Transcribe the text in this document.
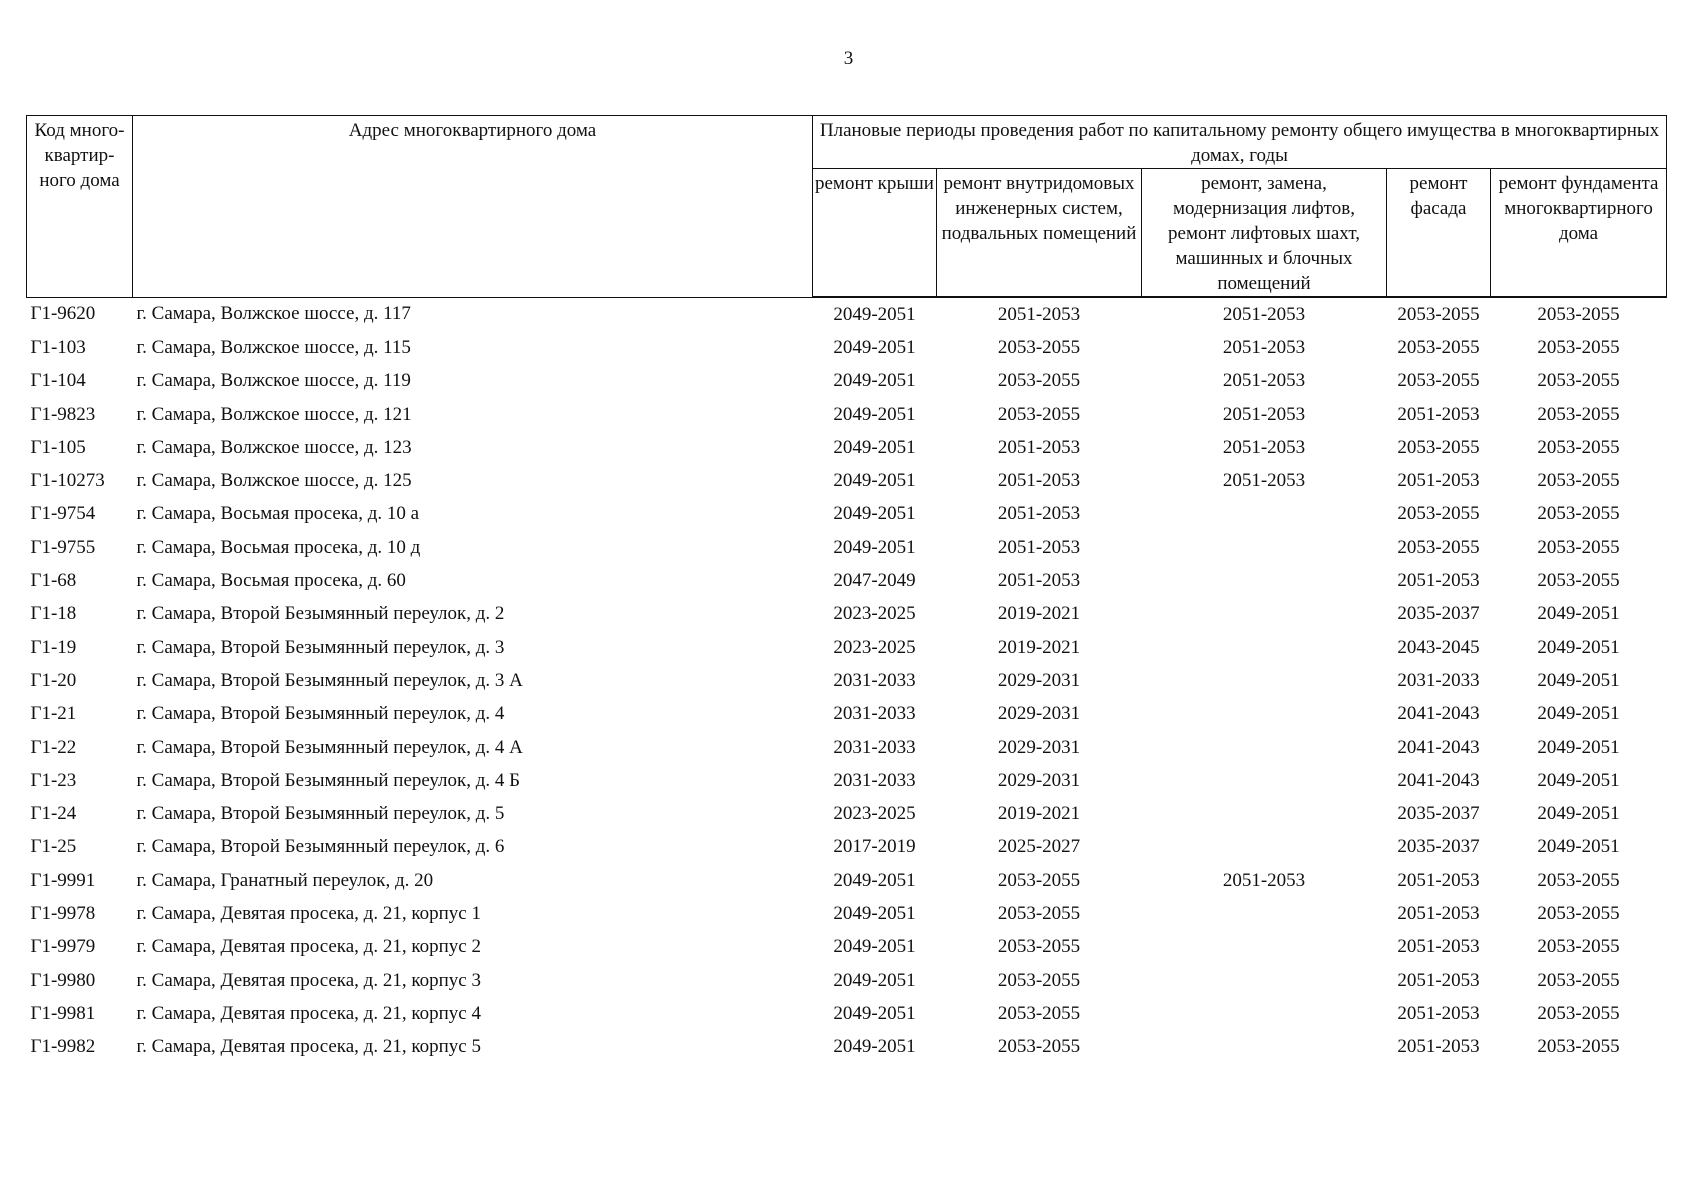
3
Код много-квартир-ного дома	Адрес многоквартирного дома	Плановые периоды проведения работ по капитальному ремонту общего имущества в многоквартирных домах, годы				
		ремонт крыши	ремонт внутридомовых инженерных систем, подвальных помещений	ремонт, замена, модернизация лифтов, ремонт лифтовых шахт, машинных и блочных помещений	ремонт фасада	ремонт фундамента многоквартирного дома
Г1-9620	г. Самара, Волжское шоссе, д. 117	2049-2051	2051-2053	2051-2053	2053-2055	2053-2055
Г1-103	г. Самара, Волжское шоссе, д. 115	2049-2051	2053-2055	2051-2053	2053-2055	2053-2055
Г1-104	г. Самара, Волжское шоссе, д. 119	2049-2051	2053-2055	2051-2053	2053-2055	2053-2055
Г1-9823	г. Самара, Волжское шоссе, д. 121	2049-2051	2053-2055	2051-2053	2051-2053	2053-2055
Г1-105	г. Самара, Волжское шоссе, д. 123	2049-2051	2051-2053	2051-2053	2053-2055	2053-2055
Г1-10273	г. Самара, Волжское шоссе, д. 125	2049-2051	2051-2053	2051-2053	2051-2053	2053-2055
Г1-9754	г. Самара, Восьмая просека, д. 10 а	2049-2051	2051-2053		2053-2055	2053-2055
Г1-9755	г. Самара, Восьмая просека, д. 10 д	2049-2051	2051-2053		2053-2055	2053-2055
Г1-68	г. Самара, Восьмая просека, д. 60	2047-2049	2051-2053		2051-2053	2053-2055
Г1-18	г. Самара, Второй Безымянный переулок, д. 2	2023-2025	2019-2021		2035-2037	2049-2051
Г1-19	г. Самара, Второй Безымянный переулок, д. 3	2023-2025	2019-2021		2043-2045	2049-2051
Г1-20	г. Самара, Второй Безымянный переулок, д. 3 А	2031-2033	2029-2031		2031-2033	2049-2051
Г1-21	г. Самара, Второй Безымянный переулок, д. 4	2031-2033	2029-2031		2041-2043	2049-2051
Г1-22	г. Самара, Второй Безымянный переулок, д. 4 А	2031-2033	2029-2031		2041-2043	2049-2051
Г1-23	г. Самара, Второй Безымянный переулок, д. 4 Б	2031-2033	2029-2031		2041-2043	2049-2051
Г1-24	г. Самара, Второй Безымянный переулок, д. 5	2023-2025	2019-2021		2035-2037	2049-2051
Г1-25	г. Самара, Второй Безымянный переулок, д. 6	2017-2019	2025-2027		2035-2037	2049-2051
Г1-9991	г. Самара, Гранатный переулок, д. 20	2049-2051	2053-2055	2051-2053	2051-2053	2053-2055
Г1-9978	г. Самара, Девятая просека, д. 21, корпус 1	2049-2051	2053-2055		2051-2053	2053-2055
Г1-9979	г. Самара, Девятая просека, д. 21, корпус 2	2049-2051	2053-2055		2051-2053	2053-2055
Г1-9980	г. Самара, Девятая просека, д. 21, корпус 3	2049-2051	2053-2055		2051-2053	2053-2055
Г1-9981	г. Самара, Девятая просека, д. 21, корпус 4	2049-2051	2053-2055		2051-2053	2053-2055
Г1-9982	г. Самара, Девятая просека, д. 21, корпус 5	2049-2051	2053-2055		2051-2053	2053-2055
